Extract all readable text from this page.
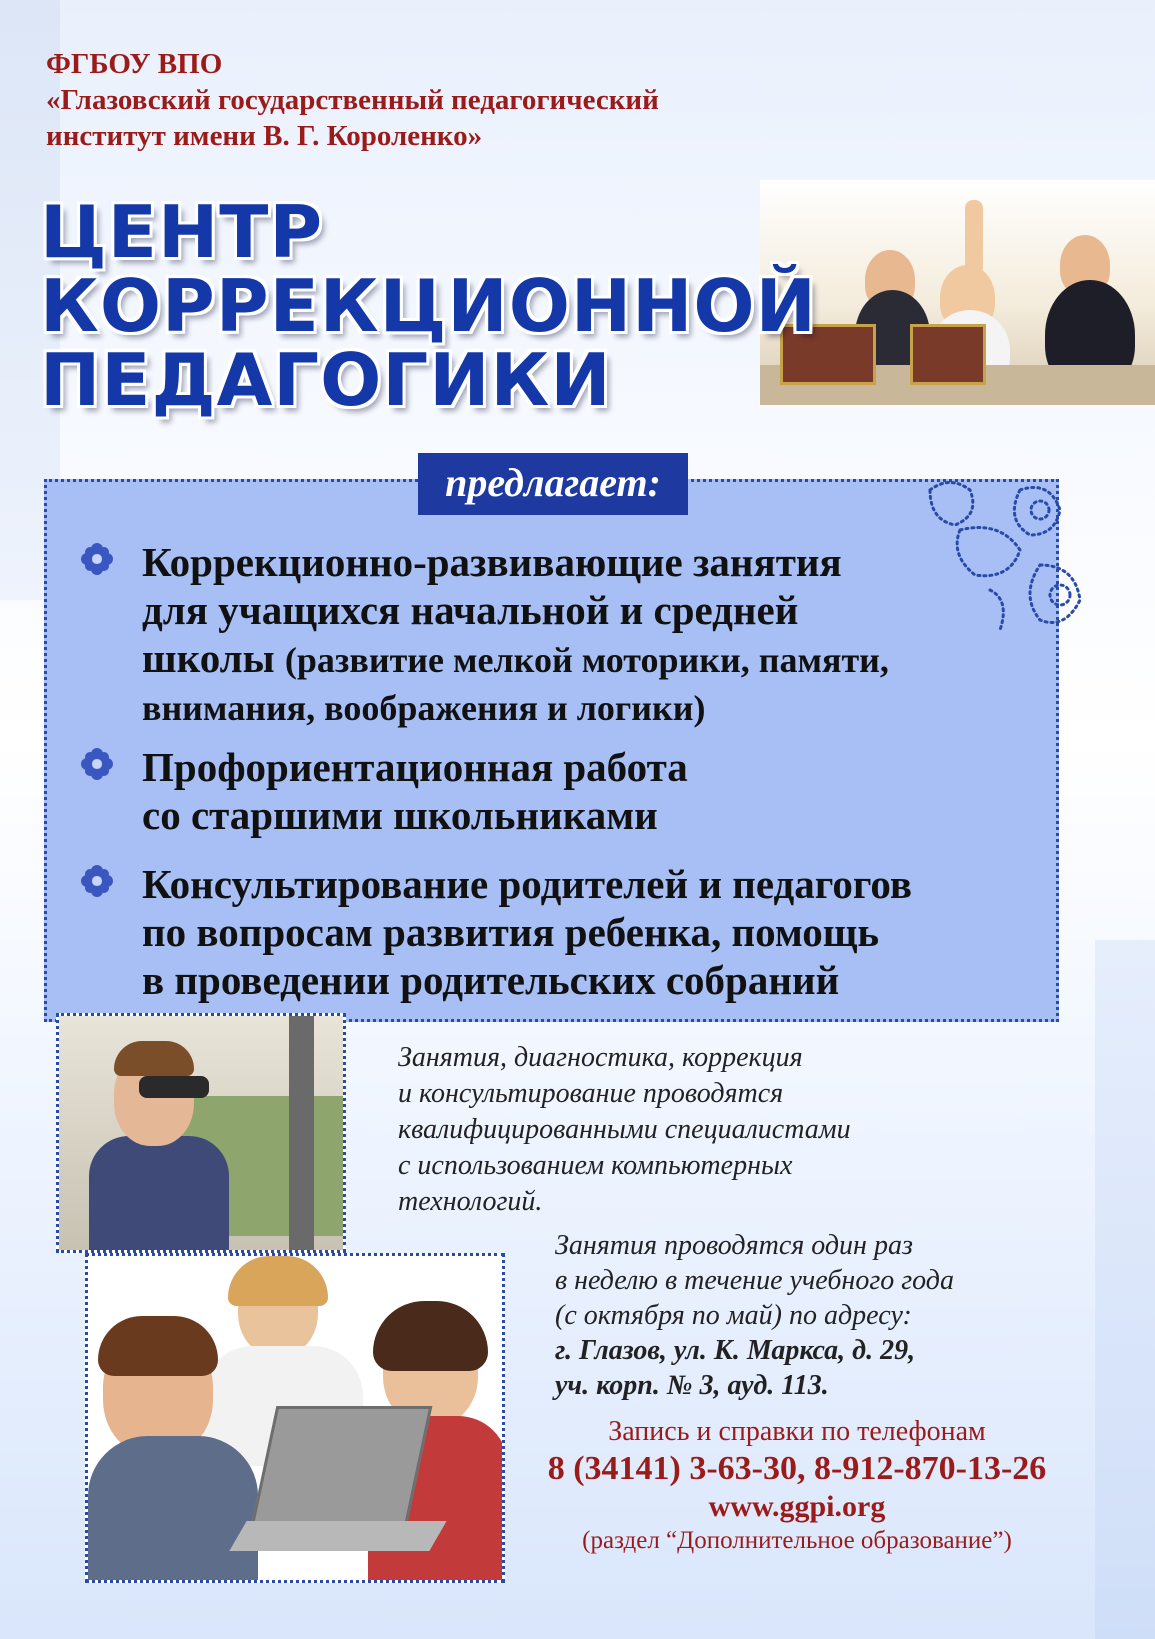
ФГБОУ ВПО
«Глазовский государственный педагогический
институт имени В. Г. Короленко»
ЦЕНТР
КОРРЕКЦИОННОЙ
ПЕДАГОГИКИ
предлагает:
Коррекционно-развивающие занятия
для учащихся начальной и средней
школы (развитие мелкой моторики, памяти,
внимания, воображения и логики)
Профориентационная работа
со старшими школьниками
Консультирование родителей и педагогов
по вопросам развития ребенка, помощь
в проведении родительских собраний
Занятия, диагностика, коррекция
и консультирование проводятся
квалифицированными специалистами
с использованием компьютерных
технологий.
Занятия проводятся один раз
в неделю в течение учебного года
(с октября по май) по адресу:
г. Глазов, ул. К. Маркса, д. 29,
уч. корп. № 3, ауд. 113.
Запись и справки по телефонам
8 (34141) 3-63-30, 8-912-870-13-26
www.ggpi.org
(раздел “Дополнительное образование”)
